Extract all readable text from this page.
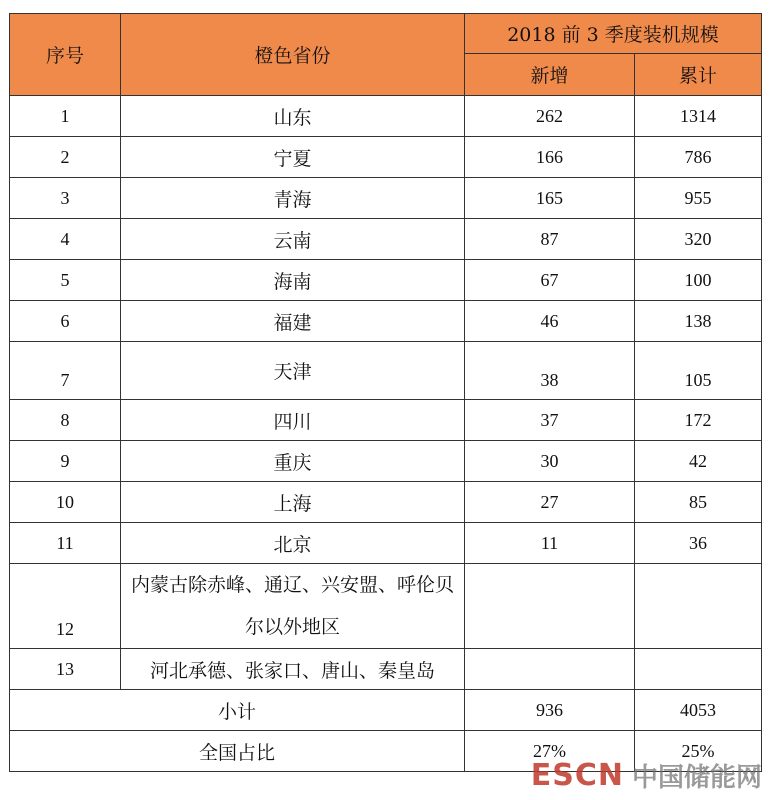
序号	橙色省份	2018 前 3 季度装机规模	
		新增	累计
1	山东	262	1314
2	宁夏	166	786
3	青海	165	955
4	云南	87	320
5	海南	67	100
6	福建	46	138
7	天津	38	105
8	四川	37	172
9	重庆	30	42
10	上海	27	85
11	北京	11	36
12	内蒙古除赤峰、通辽、兴安盟、呼伦贝尔以外地区		

13	河北承德、张家口、唐山、秦皇岛		
小计		936	4053
全国占比		27%	25%
ESCN 中国储能网
